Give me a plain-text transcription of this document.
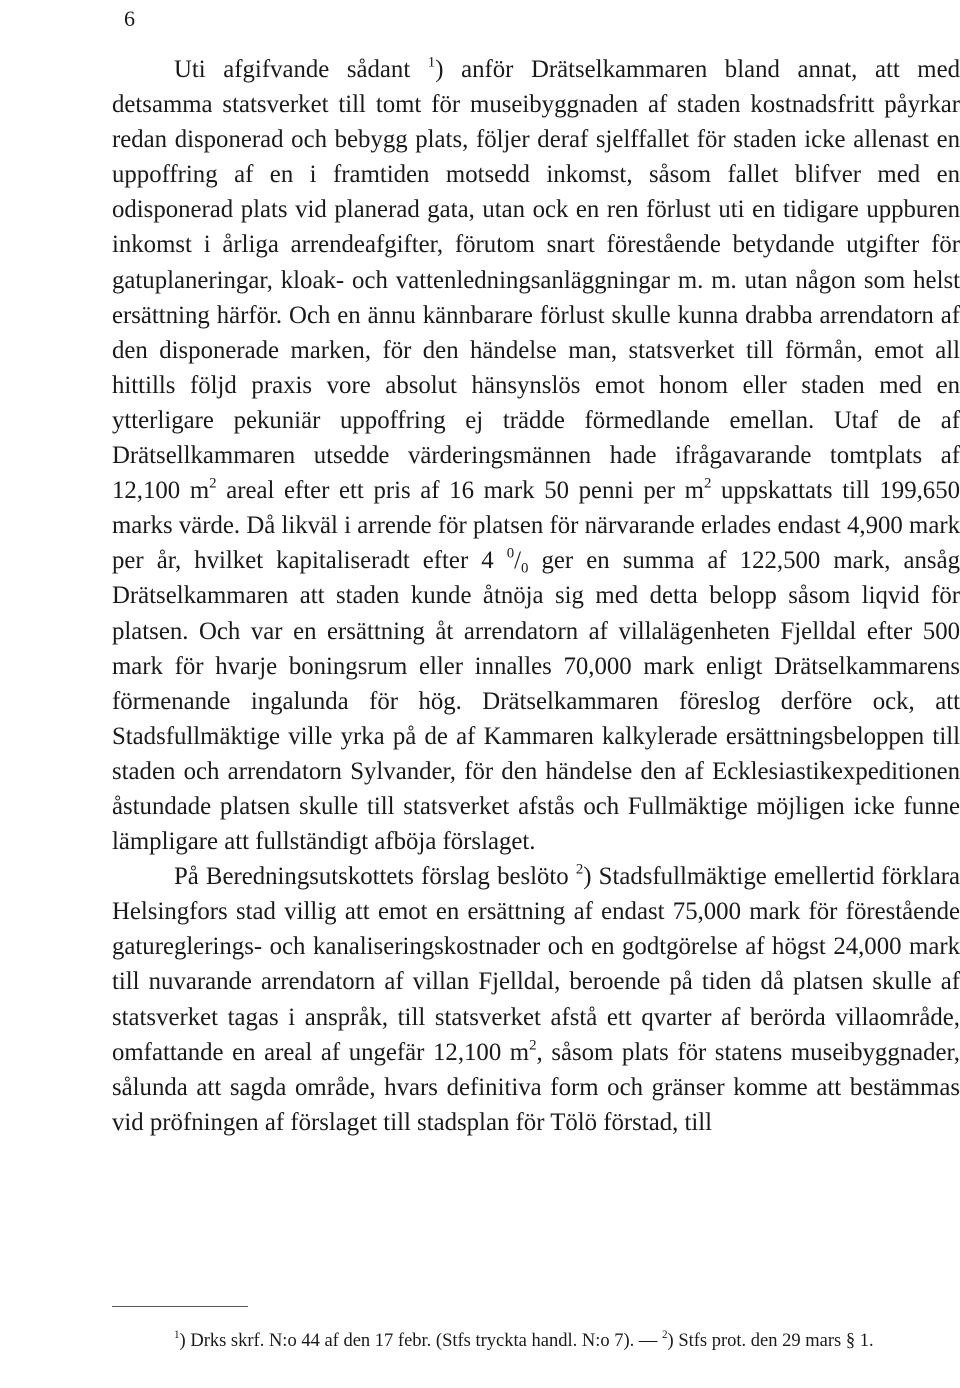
6

Uti afgifvande sådant $^1$) anför Drätselkammaren bland annat, att med detsamma statsverket till tomt för museibyggnaden af staden kostnadsfritt påyrkar redan disponerad och bebygg plats, följer deraf sjelffallet för staden icke allenast en uppoffring af en i framtiden motsedd inkomst, såsom fallet blifver med en odisponerad plats vid planerad gata, utan ock en ren förlust uti en tidigare uppburen inkomst i årliga arrendeafgifter, förutom snart förestående betydande utgifter för gatuplaneringar, kloak- och vattenledningsanläggningar m. m. utan någon som helst ersättning härför. Och en ännu kännbarare förlust skulle kunna drabba arrendatorn af den disponerade marken, för den händelse man, statsverket till förmån, emot all hittills följd praxis vore absolut hänsynslös emot honom eller staden med en ytterligare pekuniär uppoffring ej trädde förmedlande emellan. Utaf de af Drätsellkammaren utsedde värderingsmännen hade ifrågavarande tomtplats af 12,100 $m^2$ areal efter ett pris af 16 mark 50 penni per $m^2$ uppskattats till 199,650 marks värde. Då likväl i arrende för platsen för närvarande erlades endast 4,900 mark per år, hvilket kapitaliseradt efter 4 $^0/_0$ ger en summa af 122,500 mark, ansåg Drätselkammaren att staden kunde åtnöja sig med detta belopp såsom liqvid för platsen. Och var en ersättning åt arrendatorn af villalägenheten Fjelldal efter 500 mark för hvarje boningsrum eller innalles 70,000 mark enligt Drätselkammarens förmenande ingalunda för hög. Drätselkammaren föreslog derföre ock, att Stadsfullmäktige ville yrka på de af Kammaren kalkylerade ersättningsbeloppen till staden och arrendatorn Sylvander, för den händelse den af Ecklesiastikexpeditionen åstundade platsen skulle till statsverket afstås och Fullmäktige möjligen icke funne lämpligare att fullständigt afböja förslaget.

På Beredningsutskottets förslag beslöto $^2$) Stadsfullmäktige emellertid förklara Helsingfors stad villig att emot en ersättning af endast 75,000 mark för förestående gatureglerings- och kanaliseringskostnader och en godtgörelse af högst 24,000 mark till nuvarande arrendatorn af villan Fjelldal, beroende på tiden då platsen skulle af statsverket tagas i anspråk, till statsverket afstå ett qvarter af berörda villaområde, omfattande en areal af ungefär 12,100 $m^2$, såsom plats för statens museibyggnader, sålunda att sagda område, hvars definitiva form och gränser komme att bestämmas vid pröfningen af förslaget till stadsplan för Tölö förstad, till

$^1$) Drks skrf. N:o 44 af den 17 febr. (Stfs tryckta handl. N:o 7). — $^2$) Stfs prot. den 29 mars § 1.
